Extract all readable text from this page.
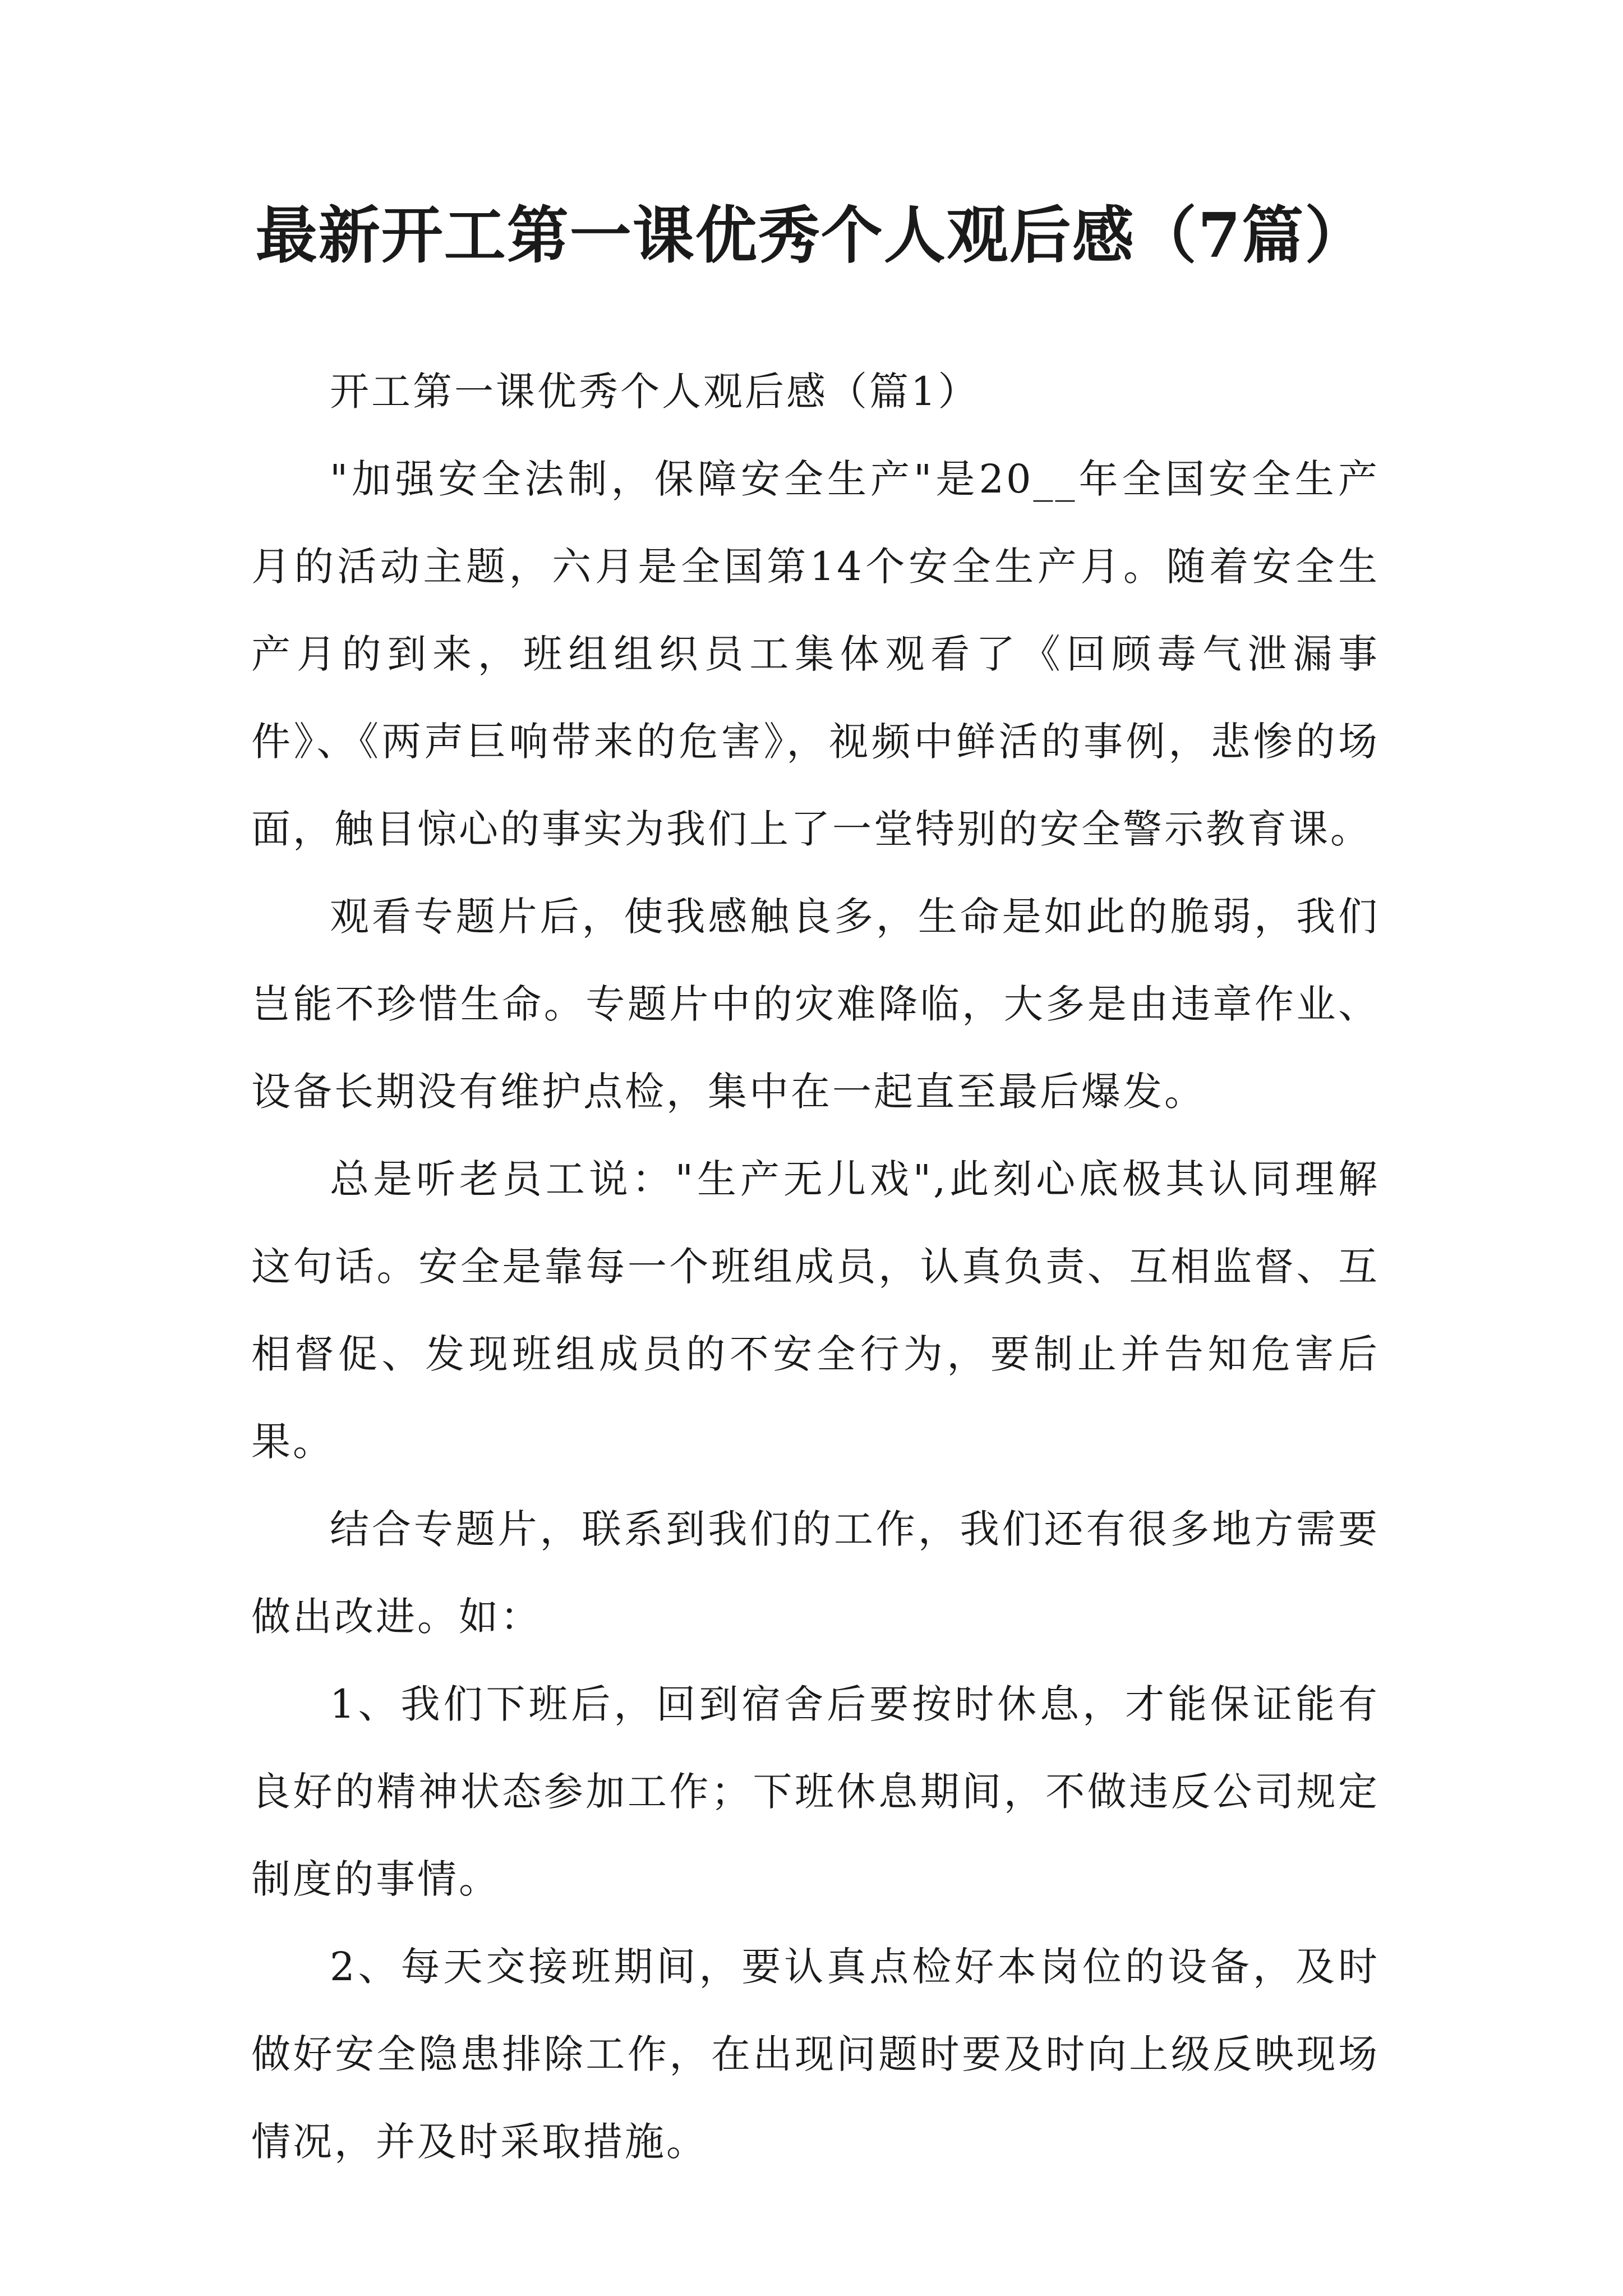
最新开工第一课优秀个人观后感（7篇）

开工第一课优秀个人观后感（篇1）

"加强安全法制，保障安全生产"是20__年全国安全生产月的活动主题，六月是全国第14个安全生产月。随着安全生产月的到来，班组组织员工集体观看了《回顾毒气泄漏事件》、《两声巨响带来的危害》，视频中鲜活的事例，悲惨的场面，触目惊心的事实为我们上了一堂特别的安全警示教育课。

观看专题片后，使我感触良多，生命是如此的脆弱，我们岂能不珍惜生命。专题片中的灾难降临，大多是由违章作业、设备长期没有维护点检，集中在一起直至最后爆发。

总是听老员工说："生产无儿戏",此刻心底极其认同理解这句话。安全是靠每一个班组成员，认真负责、互相监督、互相督促、发现班组成员的不安全行为，要制止并告知危害后果。

结合专题片，联系到我们的工作，我们还有很多地方需要做出改进。如：

1、我们下班后，回到宿舍后要按时休息，才能保证能有良好的精神状态参加工作；下班休息期间，不做违反公司规定制度的事情。

2、每天交接班期间，要认真点检好本岗位的设备，及时做好安全隐患排除工作，在出现问题时要及时向上级反映现场情况，并及时采取措施。
